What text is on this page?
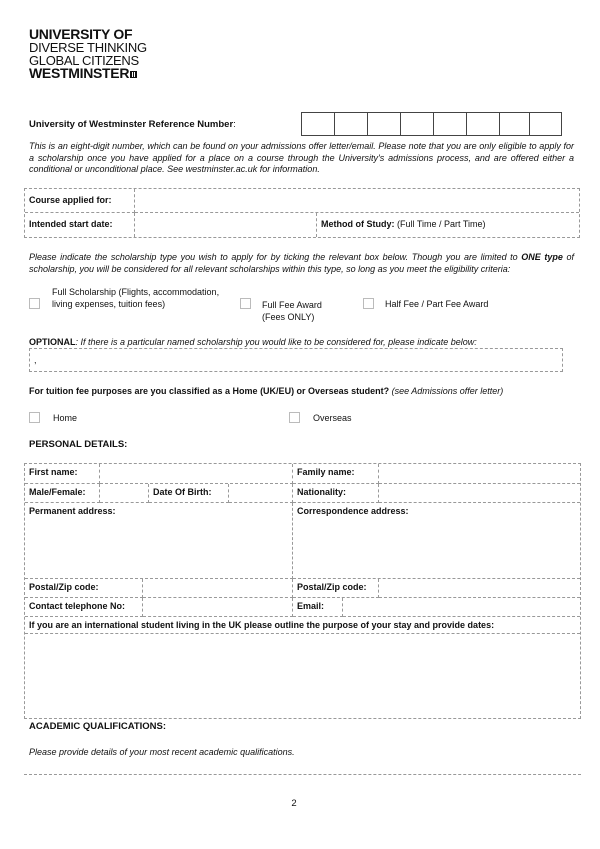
UNIVERSITY OF
DIVERSE THINKING
GLOBAL CITIZENS
WESTMINSTER
University of Westminster Reference Number:

This is an eight-digit number, which can be found on your admissions offer letter/email. Please note that you are only eligible to apply for a scholarship once you have applied for a place on a course through the University's admissions process, and are offered either a conditional or unconditional place. See westminster.ac.uk for information.

Course applied for:
Intended start date:	Method of Study: (Full Time / Part Time)

Please indicate the scholarship type you wish to apply for by ticking the relevant box below. Though you are limited to ONE type of scholarship, you will be considered for all relevant scholarships within this type, so long as you meet the eligibility criteria:

Full Scholarship (Flights, accommodation, living expenses, tuition fees)	Full Fee Award
(Fees ONLY)
Half Fee / Part Fee Award
OPTIONAL: If there is a particular named scholarship you would like to be considered for, please indicate below:
,
For tuition fee purposes are you classified as a Home (UK/EU) or Overseas student? (see Admissions offer letter)
Home	Overseas
PERSONAL DETAILS:
First name:	Family name:
Male/Female:	Date Of Birth:	Nationality:
Permanent address:	Correspondence address:
Postal/Zip code:	Postal/Zip code:
Contact telephone No:	Email:
If you are an international student living in the UK please outline the purpose of your stay and provide dates:
ACADEMIC QUALIFICATIONS:
Please provide details of your most recent academic qualifications.
2
